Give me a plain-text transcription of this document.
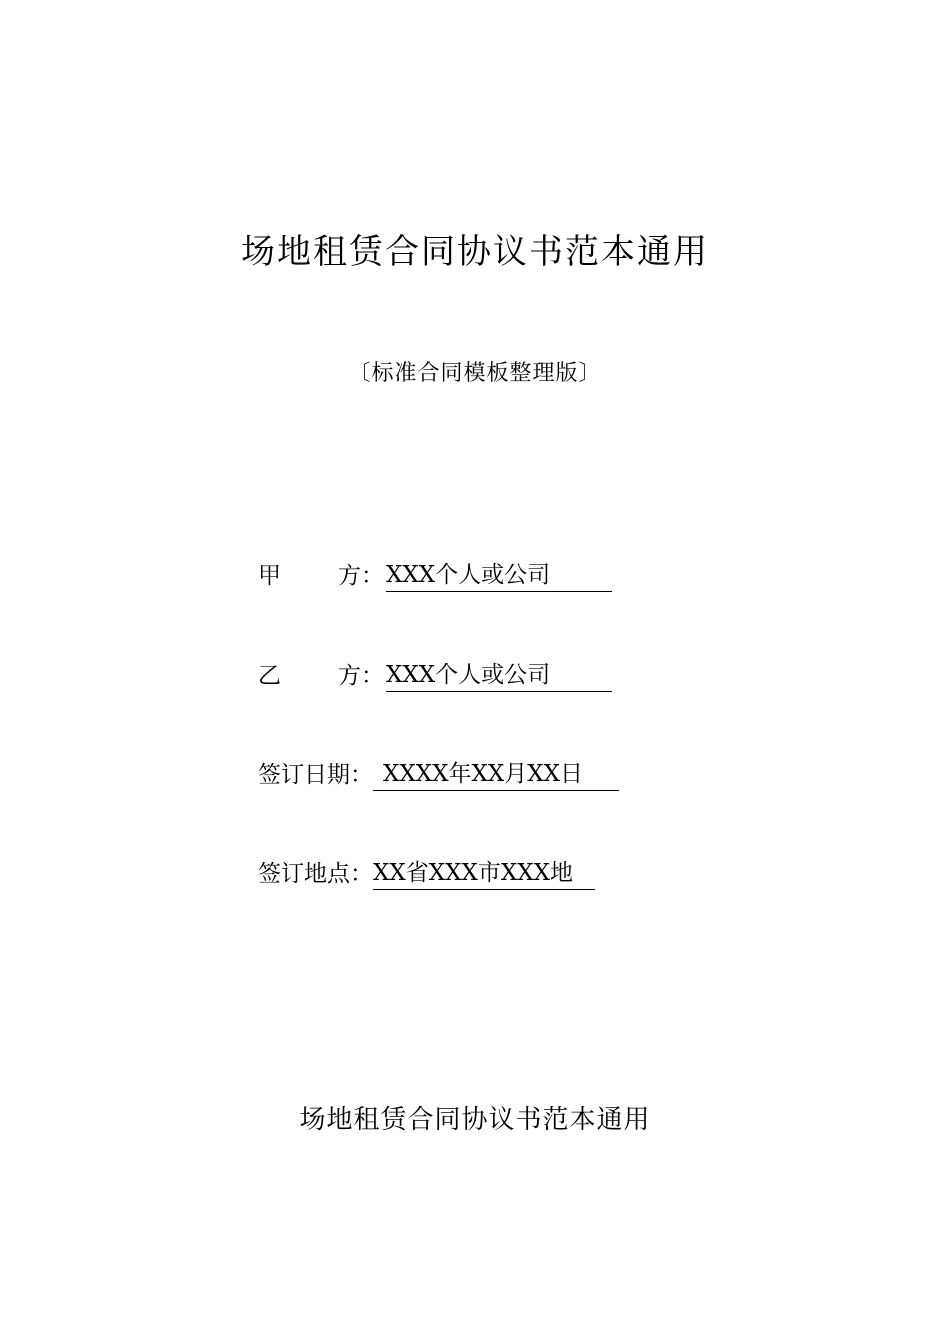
场地租赁合同协议书范本通用
〔标准合同模板整理版〕
甲 方：XXX个人或公司
乙 方：XXX个人或公司
签订日期： XXXX年XX月XX日
签订地点：XX省XXX市XXX地
场地租赁合同协议书范本通用
